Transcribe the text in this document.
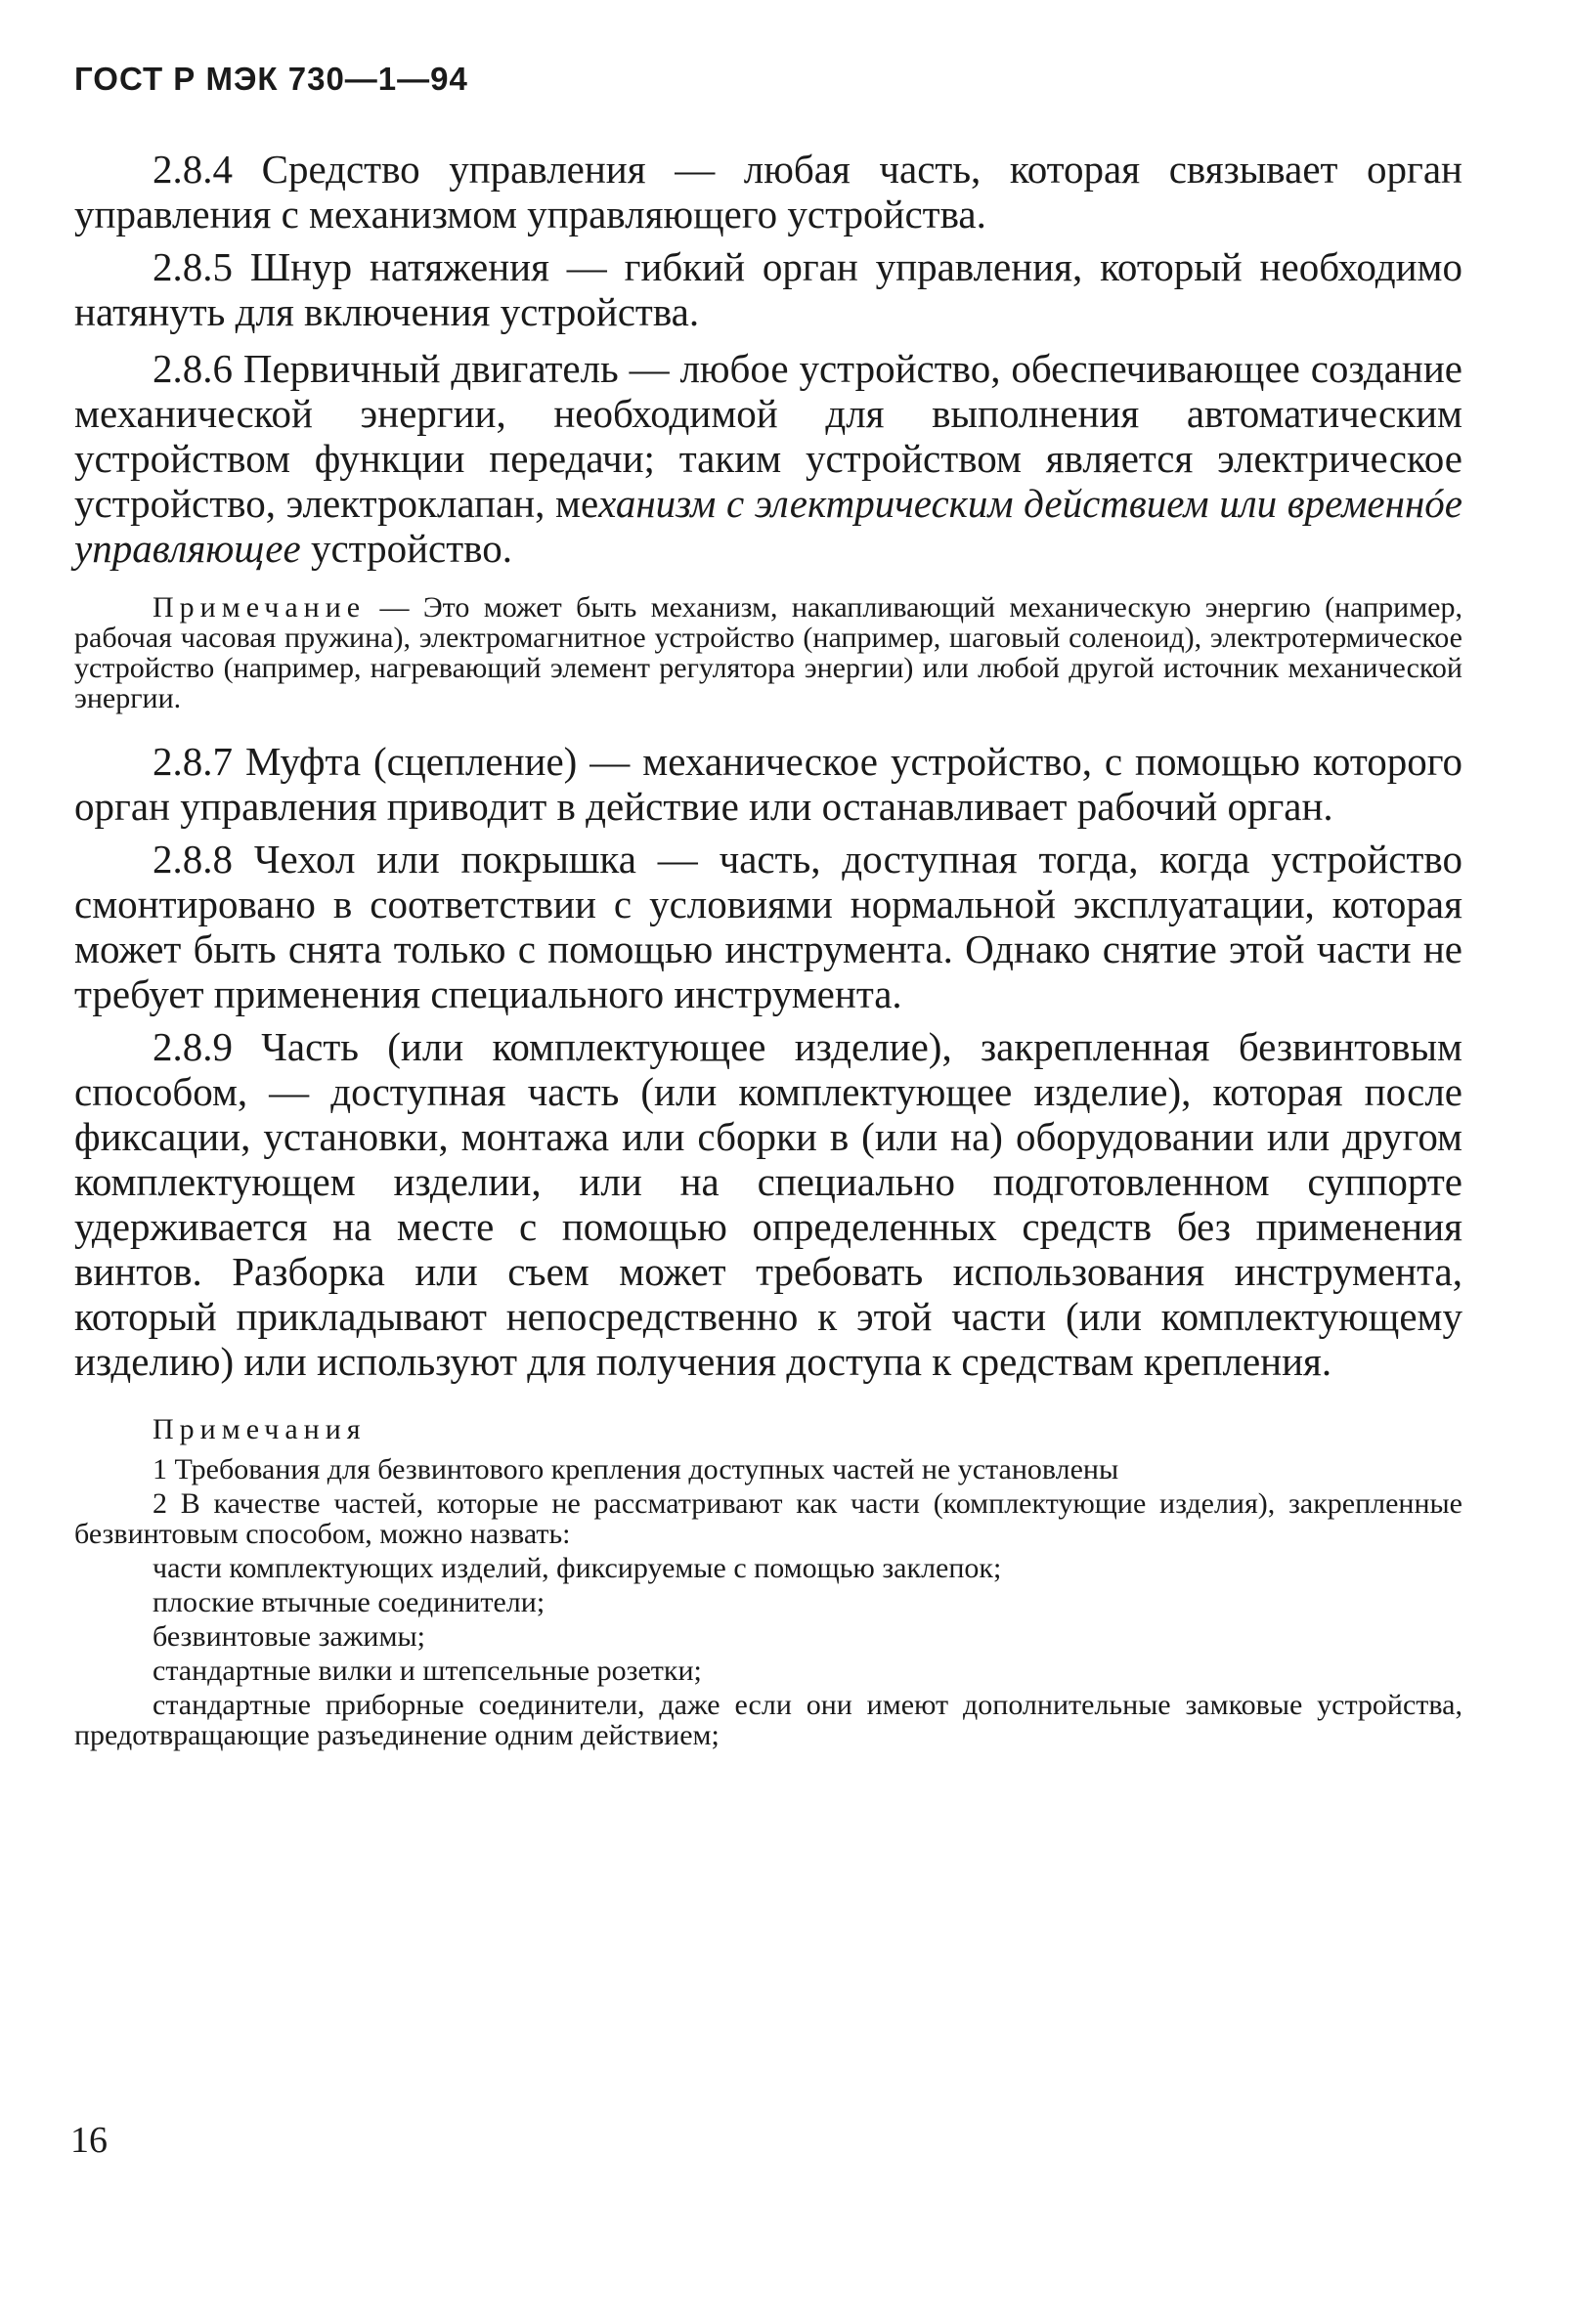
ГОСТ Р МЭК 730—1—94

2.8.4 Средство управления — любая часть, которая связывает орган управления с механизмом управляющего устройства.

2.8.5 Шнур натяжения — гибкий орган управления, который необходимо натянуть для включения устройства.

2.8.6 Первичный двигатель — любое устройство, обеспечивающее создание механической энергии, необходимой для выполнения автоматическим устройством функции передачи; таким устройством является электрическое устройство, электроклапан, механизм с электрическим действием или временнóе управляющее устройство.

Примечание — Это может быть механизм, накапливающий механическую энергию (например, рабочая часовая пружина), электромагнитное устройство (например, шаговый соленоид), электротермическое устройство (например, нагревающий элемент регулятора энергии) или любой другой источник механической энергии.

2.8.7 Муфта (сцепление) — механическое устройство, с помощью которого орган управления приводит в действие или останавливает рабочий орган.

2.8.8 Чехол или покрышка — часть, доступная тогда, когда устройство смонтировано в соответствии с условиями нормальной эксплуатации, которая может быть снята только с помощью инструмента. Однако снятие этой части не требует применения специального инструмента.

2.8.9 Часть (или комплектующее изделие), закрепленная безвинтовым способом, — доступная часть (или комплектующее изделие), которая после фиксации, установки, монтажа или сборки в (или на) оборудовании или другом комплектующем изделии, или на специально подготовленном суппорте удерживается на месте с помощью определенных средств без применения винтов. Разборка или съем может требовать использования инструмента, который прикладывают непосредственно к этой части (или комплектующему изделию) или используют для получения доступа к средствам крепления.

Примечания

1 Требования для безвинтового крепления доступных частей не установлены

2 В качестве частей, которые не рассматривают как части (комплектующие изделия), закрепленные безвинтовым способом, можно назвать:

части комплектующих изделий, фиксируемые с помощью заклепок;

плоские втычные соединители;

безвинтовые зажимы;

стандартные вилки и штепсельные розетки;

стандартные приборные соединители, даже если они имеют дополнительные замковые устройства, предотвращающие разъединение одним действием;

16
